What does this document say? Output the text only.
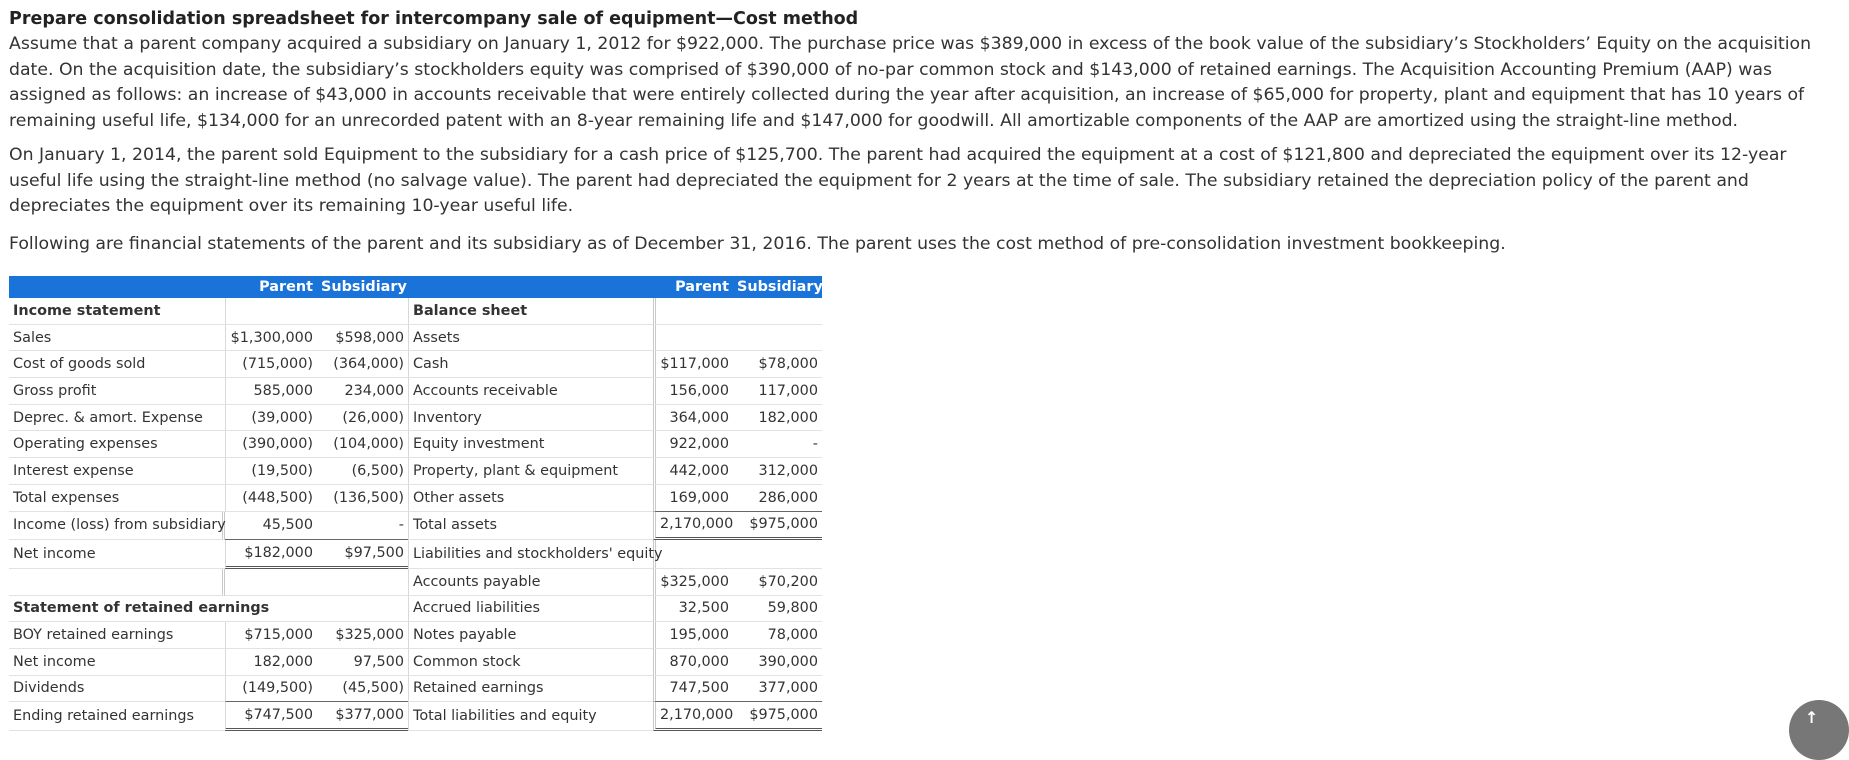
Prepare consolidation spreadsheet for intercompany sale of equipment—Cost method

Assume that a parent company acquired a subsidiary on January 1, 2012 for $922,000. The purchase price was $389,000 in excess of the book value of the subsidiary’s Stockholders’ Equity on the acquisition date. On the acquisition date, the subsidiary’s stockholders equity was comprised of $390,000 of no-par common stock and $143,000 of retained earnings. The Acquisition Accounting Premium (AAP) was assigned as follows: an increase of $43,000 in accounts receivable that were entirely collected during the year after acquisition, an increase of $65,000 for property, plant and equipment that has 10 years of remaining useful life, $134,000 for an unrecorded patent with an 8-year remaining life and $147,000 for goodwill. All amortizable components of the AAP are amortized using the straight-line method.

On January 1, 2014, the parent sold Equipment to the subsidiary for a cash price of $125,700. The parent had acquired the equipment at a cost of $121,800 and depreciated the equipment over its 12-year useful life using the straight-line method (no salvage value). The parent had depreciated the equipment for 2 years at the time of sale. The subsidiary retained the depreciation policy of the parent and depreciates the equipment over its remaining 10-year useful life.

Following are financial statements of the parent and its subsidiary as of December 31, 2016. The parent uses the cost method of pre-consolidation investment bookkeeping.

	Parent	Subsidiary		Parent	Subsidiary
Income statement			Balance sheet		
Sales	$1,300,000	$598,000	Assets		
Cost of goods sold	(715,000)	(364,000)	Cash	$117,000	$78,000
Gross profit	585,000	234,000	Accounts receivable	156,000	117,000
Deprec. & amort. Expense	(39,000)	(26,000)	Inventory	364,000	182,000
Operating expenses	(390,000)	(104,000)	Equity investment	922,000	-
Interest expense	(19,500)	(6,500)	Property, plant & equipment	442,000	312,000
Total expenses	(448,500)	(136,500)	Other assets	169,000	286,000
Income (loss) from subsidiary	45,500	-	Total assets	2,170,000	$975,000
Net income	$182,000	$97,500	Liabilities and stockholders' equity		
			Accounts payable	$325,000	$70,200
Statement of retained earnings			Accrued liabilities	32,500	59,800
BOY retained earnings	$715,000	$325,000	Notes payable	195,000	78,000
Net income	182,000	97,500	Common stock	870,000	390,000
Dividends	(149,500)	(45,500)	Retained earnings	747,500	377,000
Ending retained earnings	$747,500	$377,000	Total liabilities and equity	2,170,000	$975,000	↑
